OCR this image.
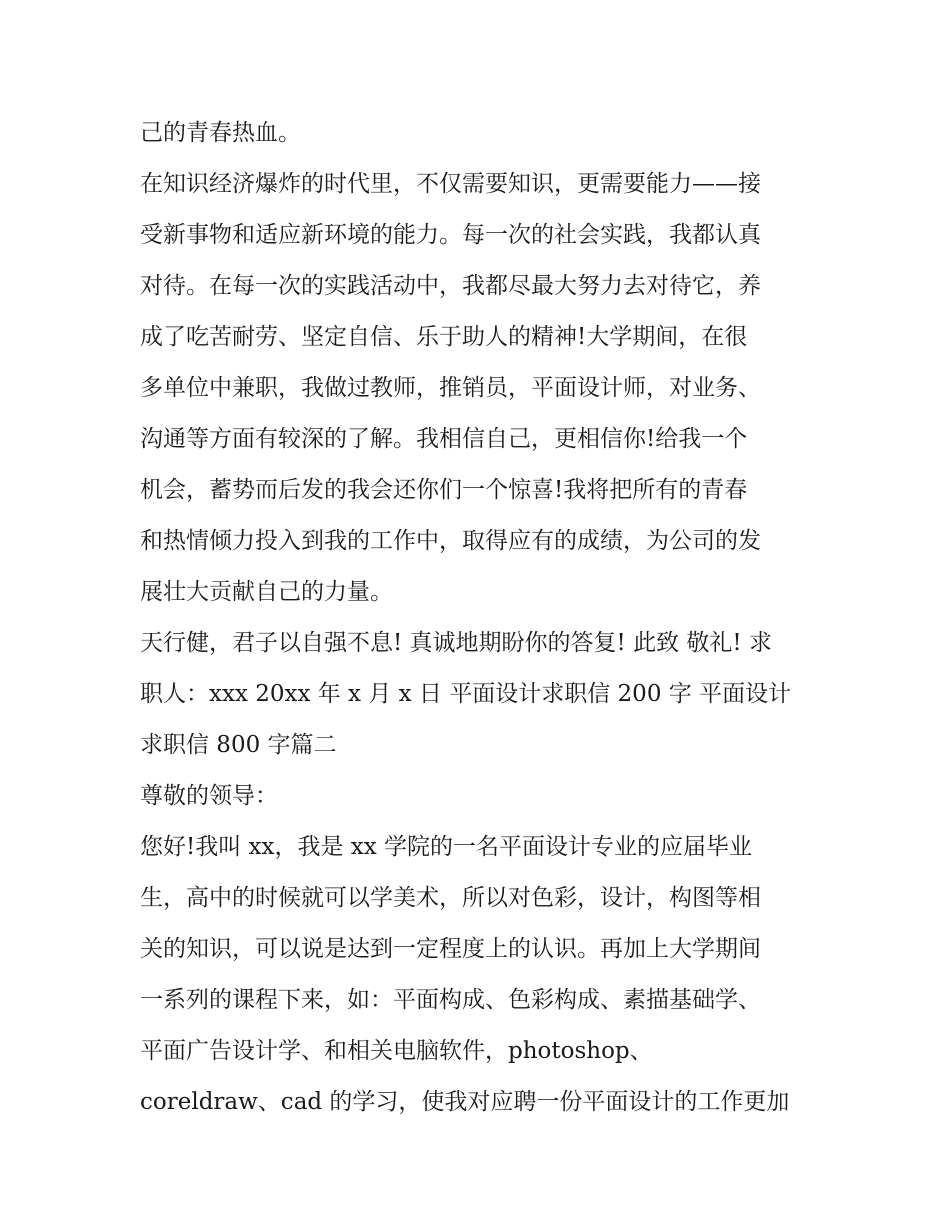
己的青春热血。
在知识经济爆炸的时代里，不仅需要知识，更需要能力——接
受新事物和适应新环境的能力。每一次的社会实践，我都认真
对待。在每一次的实践活动中，我都尽最大努力去对待它，养
成了吃苦耐劳、坚定自信、乐于助人的精神!大学期间，在很
多单位中兼职，我做过教师，推销员，平面设计师，对业务、
沟通等方面有较深的了解。我相信自己，更相信你!给我一个
机会，蓄势而后发的我会还你们一个惊喜!我将把所有的青春
和热情倾力投入到我的工作中，取得应有的成绩，为公司的发
展壮大贡献自己的力量。
天行健，君子以自强不息! 真诚地期盼你的答复! 此致 敬礼! 求
职人：xxx 20xx 年 x 月 x 日 平面设计求职信 200 字 平面设计
求职信 800 字篇二
尊敬的领导：
您好!我叫 xx，我是 xx 学院的一名平面设计专业的应届毕业
生，高中的时候就可以学美术，所以对色彩，设计，构图等相
关的知识，可以说是达到一定程度上的认识。再加上大学期间
一系列的课程下来，如：平面构成、色彩构成、素描基础学、
平面广告设计学、和相关电脑软件，photoshop、
coreldraw、cad 的学习，使我对应聘一份平面设计的工作更加
